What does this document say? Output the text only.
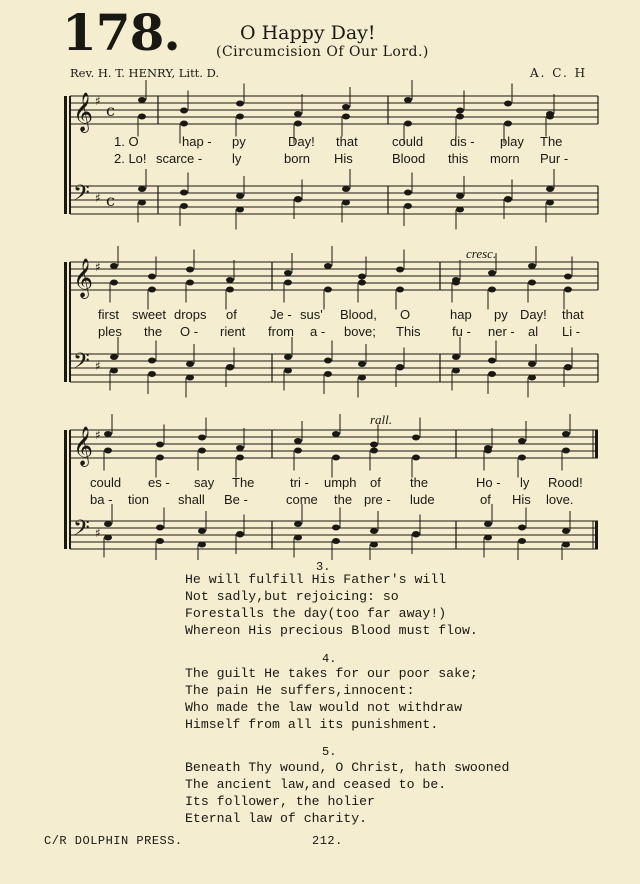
178.	O Happy Day!
(Circumcision Of Our Lord.)
Rev. H. T. HENRY, Litt. D.	A. C. H
𝄞
𝄢
♯
♯
c
c
𝄞
𝄢
♯
♯
𝄞
𝄢
♯
♯
cresc.
rall.
1. O	hap - py	Day! that	could dis - play The
2. Lo! scarce - ly	born His	Blood this morn Pur -
first sweet drops of	Je - sus' Blood, O	hap py Day! that
ples the O - rient from a - bove; This fu - ner - al Li -
could es - say The	tri - umph of the	Ho - ly Rood!
ba - tion shall Be -	come the pre - lude	of His love.
3.
He will fulfill His Father's will
Not sadly,but rejoicing: so
Forestalls the day(too far away!)
Whereon His precious Blood must flow.
4.
The guilt He takes for our poor sake;
The pain He suffers,innocent:
Who made the law would not withdraw
Himself from all its punishment.
5.
Beneath Thy wound, O Christ, hath swooned
The ancient law,and ceased to be.
Its follower, the holier
Eternal law of charity.
C/R DOLPHIN PRESS.	212.
